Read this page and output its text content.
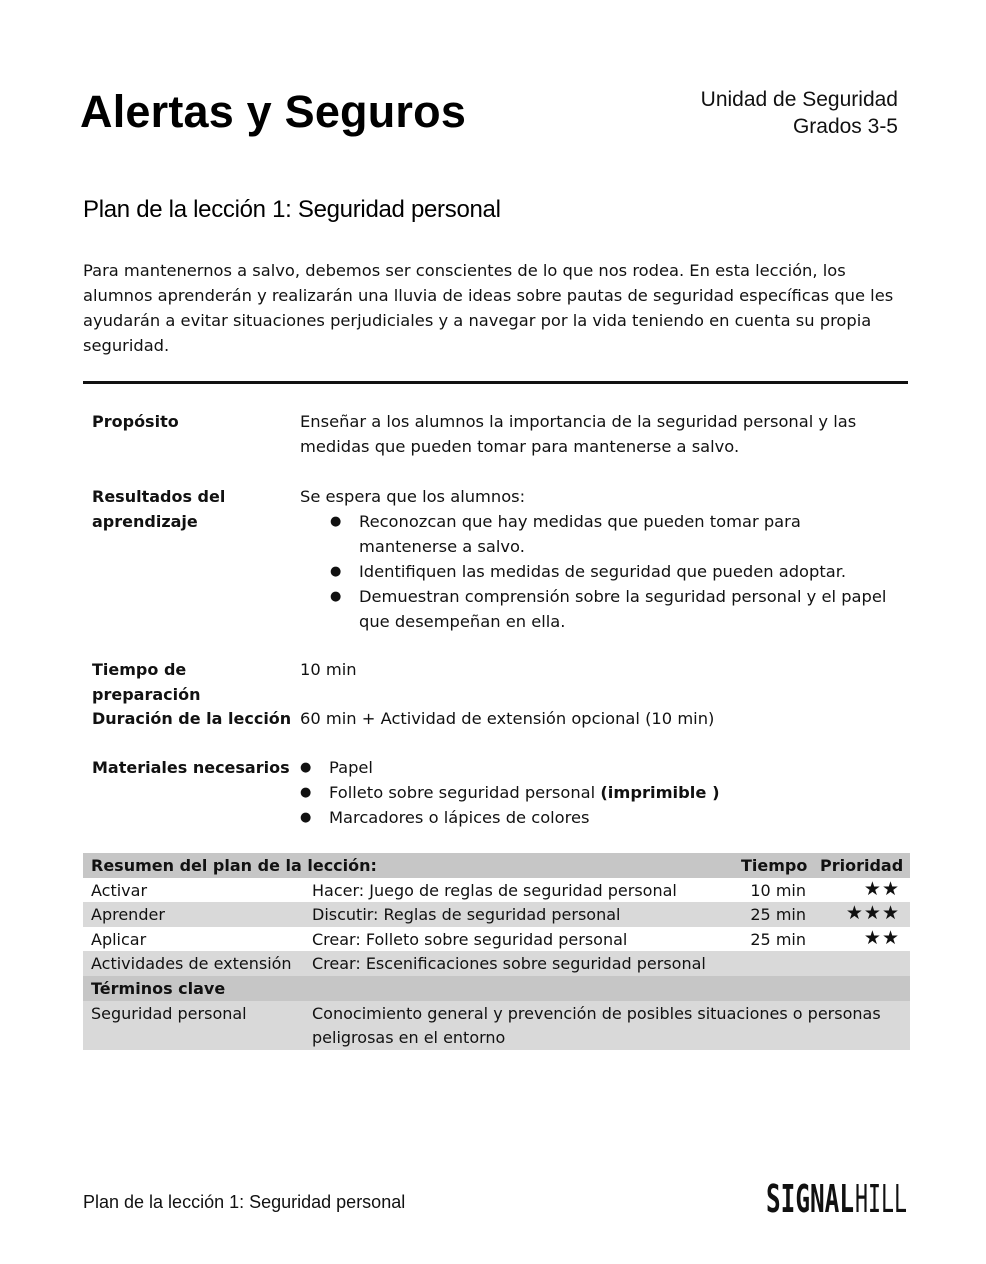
Alertas y Seguros	Unidad de Seguridad
Grados 3-5
Plan de la lección 1: Seguridad personal
Para mantenernos a salvo, debemos ser conscientes de lo que nos rodea. En esta lección, los alumnos aprenderán y realizarán una lluvia de ideas sobre pautas de seguridad específicas que les ayudarán a evitar situaciones perjudiciales y a navegar por la vida teniendo en cuenta su propia seguridad.
Propósito	Enseñar a los alumnos la importancia de la seguridad personal y las medidas que pueden tomar para mantenerse a salvo.
Resultados del aprendizaje
Se espera que los alumnos:
● Reconozcan que hay medidas que pueden tomar para mantenerse a salvo.
● Identifiquen las medidas de seguridad que pueden adoptar.
● Demuestran comprensión sobre la seguridad personal y el papel que desempeñan en ella.
Tiempo de preparación
10 min
Duración de la lección 60 min + Actividad de extensión opcional (10 min)
Materiales necesarios
●	Papel
● Folleto sobre seguridad personal (imprimible )
● Marcadores o lápices de colores
Resumen del plan de la lección:	Tiempo Prioridad
Activar	Hacer: Juego de reglas de seguridad personal	10 min	★★
Aprender	Discutir: Reglas de seguridad personal	25 min ★★★
Aplicar	Crear: Folleto sobre seguridad personal	25 min	★★
Actividades de extensión Crear: Escenificaciones sobre seguridad personal
Términos clave
Seguridad personal	Conocimiento general y prevención de posibles situaciones o personas peligrosas en el entorno
Plan de la lección 1: Seguridad personal	SIGNAL HILL
